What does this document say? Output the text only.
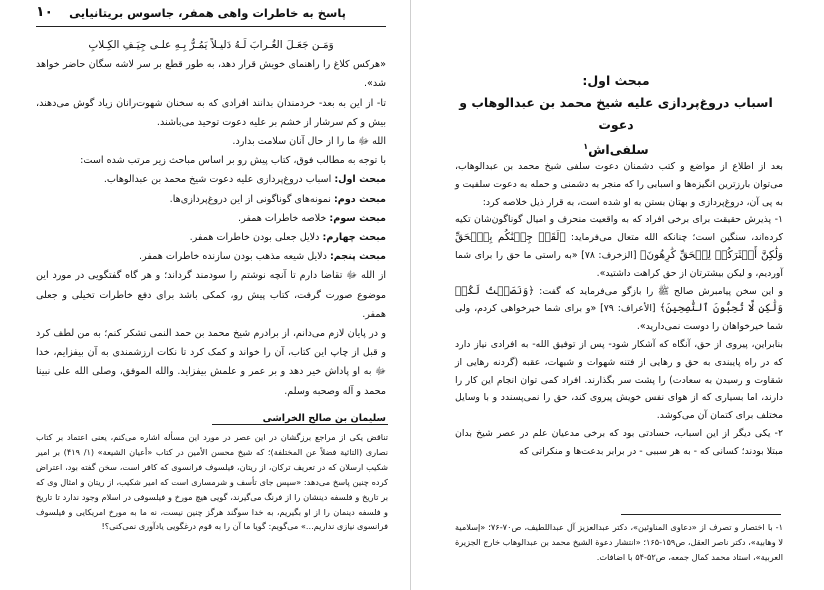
پاسخ به خاطرات واهی همفر، جاسوس بریتانیایی
۱۰

وَمَـن جَعَـلَ الغُـرابَ لَـهُ دَليـلاً يَمُـرُّ بِـهِ علـى جِيَـفِ الكِـلابِ

«هرکس کلاغ را راهنمای خویش قرار دهد، به طور قطع بر سر لاشه سگان حاضر خواهد شد».

تا- از این به بعد- خردمندان بدانند افرادی که به سخنان شهوت‌رانان زیاد گوش می‌دهند، بیش و کم سرشار از خشم بر علیه دعوت توحید می‌باشند.

الله ﷻ ما را از حال آنان سلامت بدارد.

با توجه به مطالب فوق، کتاب پیش رو بر اساس مباحث زیر مرتب شده است:

مبحث اول: اسباب دروغ‌پردازی علیه دعوت شیخ محمد بن عبدالوهاب.

مبحث دوم: نمونه‌های گوناگونی از این دروغ‌پردازی‌ها.

مبحث سوم: خلاصه خاطرات همفر.

مبحث چهارم: دلایل جعلی بودن خاطرات همفر.

مبحث پنجم: دلایل شیعه مذهب بودن سازنده خاطرات همفر.

از الله ﷻ تقاضا دارم تا آنچه نوشتم را سودمند گرداند؛ و هر گاه گفتگویی در مورد این موضوع صورت گرفت، کتاب پیش رو، کمکی باشد برای دفع خاطرات تخیلی و جعلی همفر.

و در پایان لازم می‌دانم، از برادرم شیخ محمد بن حمد النمی تشکر کنم؛ به من لطف کرد و قبل از چاپ این کتاب، آن را خواند و کمک کرد تا نکات ارزشمندی به آن بیفزایم، خدا ﷻ به او پاداش خیر دهد و بر عمر و علمش بیفزاید. والله الموفق، وصلی الله علی نبینا محمد و آله وصحبه وسلم.

سلیمان بن صالح الخراشی

تناقض یکی از مراجع برزگشان در این عصر در مورد این مسأله اشاره می‌کنم، یعنی اعتماد بر کتاب نصاری (التاثیة فضلاً عن المختلفة)؛ که شیخ محسن الأمین در کتاب «أعیان الشیعة» (۱/ ۴۱۹) بر امیر شکیب ارسلان که در تعریف ترکان، از ریتان، فیلسوف فرانسوی که کافر است، سخن گفته بود، اعتراض کرده چنین پاسخ می‌دهد: «سپس جای تأسف و شرمساری است که امیر شکیب، از ریتان و امثال وی که بر تاریخ و فلسفه دینشان را از فرنگ می‌گیرند، گویی هیچ مورخ و فیلسوفی در اسلام وجود ندارد تا تاریخ و فلسفه دینمان را از او بگیریم، به خدا سوگند هرگز چنین نیست، نه ما به مورخ امریکایی و فیلسوف فرانسوی نیازی نداریم...» می‌گویم: گویا ما آن را به قوم درغگویی یادآوری نمی‌کنی؟!
مبحث اول:
اسباب دروغ‌پردازی علیه شیخ محمد بن عبدالوهاب و دعوت
سلفی‌اش$^۱$

بعد از اطلاع از مواضع و کتب دشمنان دعوت سلفی شیخ محمد بن عبدالوهاب، می‌توان بارزترین انگیزه‌ها و اسبابی را که منجر به دشمنی و حمله به دعوت سلفیت و به پی آن، دروغ‌پردازی و بهتان بستن به او شده است، به قرار ذیل خلاصه کرد:

۱- پذیرش حقیقت برای برخی افراد که به واقعیت منحرف و امیال گوناگون‌شان تکیه کرده‌اند، سنگین است؛ چنانکه الله متعال می‌فرماید: ﴿لَقَدۡ جِئۡنَٰكُم بِٱلۡحَقِّ وَلَٰكِنَّ أَكۡثَرَكُمۡ لِلۡحَقِّ كَٰرِهُونَ﴾ [الزخرف: ۷۸] «به راستی ما حق را برای شما آوردیم، و لیکن بیشترتان از حق کراهت داشتید».

و این سخن پیامبرش صالح ﷺ را بازگو می‌فرماید که گفت: ﴿وَنَصَحۡتُ لَكُمۡ وَلَٰكِن لَّا تُحِبُّونَ ٱلنَّٰصِحِينَ﴾ [الأعراف: ۷۹] «و برای شما خیرخواهی کردم، ولی شما خیرخواهان را دوست نمی‌دارید».

بنابراین، پیروی از حق، آنگاه که آشکار شود- پس از توفیق الله- به افرادی نیاز دارد که در راه پایبندی به حق و رهایی از فتنه شهوات و شبهات، عقبه (گردنه رهایی از شقاوت و رسیدن به سعادت) را پشت سر بگذارند. افراد کمی توان انجام این کار را دارند، اما بسیاری که از هوای نفس خویش پیروی کند، حق را نمی‌پسندد و با وسایل مختلف برای کتمان آن می‌کوشد.

۲- یکی دیگر از این اسباب، حسادتی بود که برخی مدعیان علم در عصر شیخ بدان مبتلا بودند؛ کسانی که - به هر سببی - در برابر بدعت‌ها و منکراتی که

۱- با اختصار و تصرف از «دعاوی المناوئین»، دکتر عبدالعزیز آل عبداللطیف، ص۷۰-۷۶؛ «إسلامیة لا وهابیة»، دکتر ناصر العقل، ص۱۵۹-۱۶۵؛ «انتشار دعوة الشیخ محمد بن عبدالوهاب خارج الجزیرة العربیة»، استاد محمد کمال جمعه، ص۵۲-۵۴ با اضافات.
